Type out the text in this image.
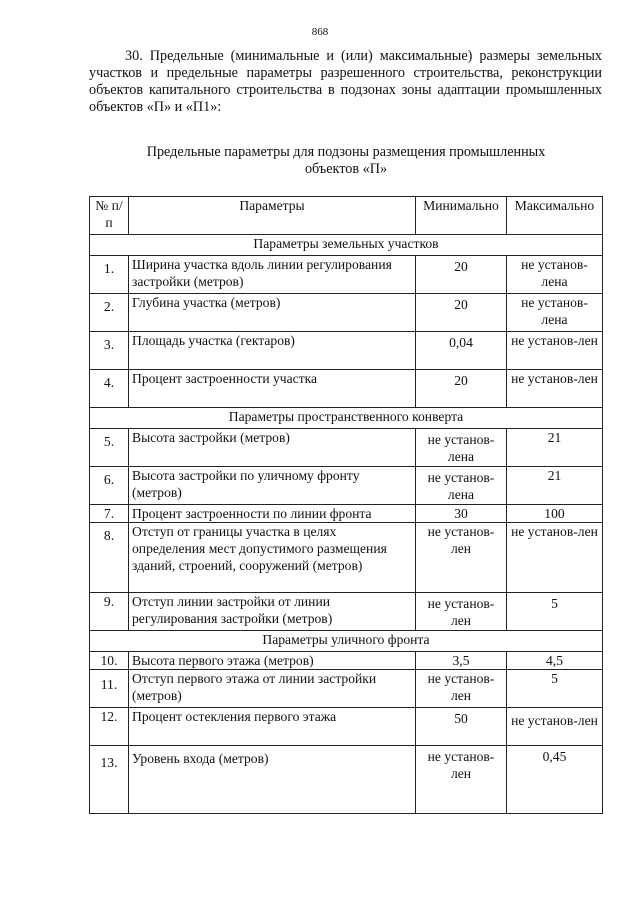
868

30. Предельные (минимальные и (или) максимальные) размеры земельных участков и предельные параметры разрешенного строительства, реконструкции объектов капитального строительства в подзонах зоны адаптации промышленных объектов «П» и «П1»:

Предельные параметры для подзоны размещения промышленных объектов «П»
№ п/п	Параметры	Минимально	Максимально
Параметры земельных участков			
1.	Ширина участка вдоль линии регулирования застройки (метров)	20	не установ-лена
2.	Глубина участка (метров)	20	не установ-лена
3.	Площадь участка (гектаров)	0,04	не установ-лен
4.	Процент застроенности участка	20	не установ-лен
Параметры пространственного конверта			
5.	Высота застройки (метров)	не установ-лена	21
6.	Высота застройки по уличному фронту (метров)	не установ-лена	21
7.	Процент застроенности по линии фронта	30	100
8.	Отступ от границы участка в целях определения мест допустимого размещения зданий, строений, сооружений (метров)	не установ-лен	не установ-лен
9.	Отступ линии застройки от линии регулирования застройки (метров)	не установ-лен	5
Параметры уличного фронта			
10.	Высота первого этажа (метров)	3,5	4,5
11.	Отступ первого этажа от линии застройки (метров)	не установ-лен	5
12.	Процент остекления первого этажа	50	не установ-лен
13.	Уровень входа (метров)	не установ-лен	0,45
